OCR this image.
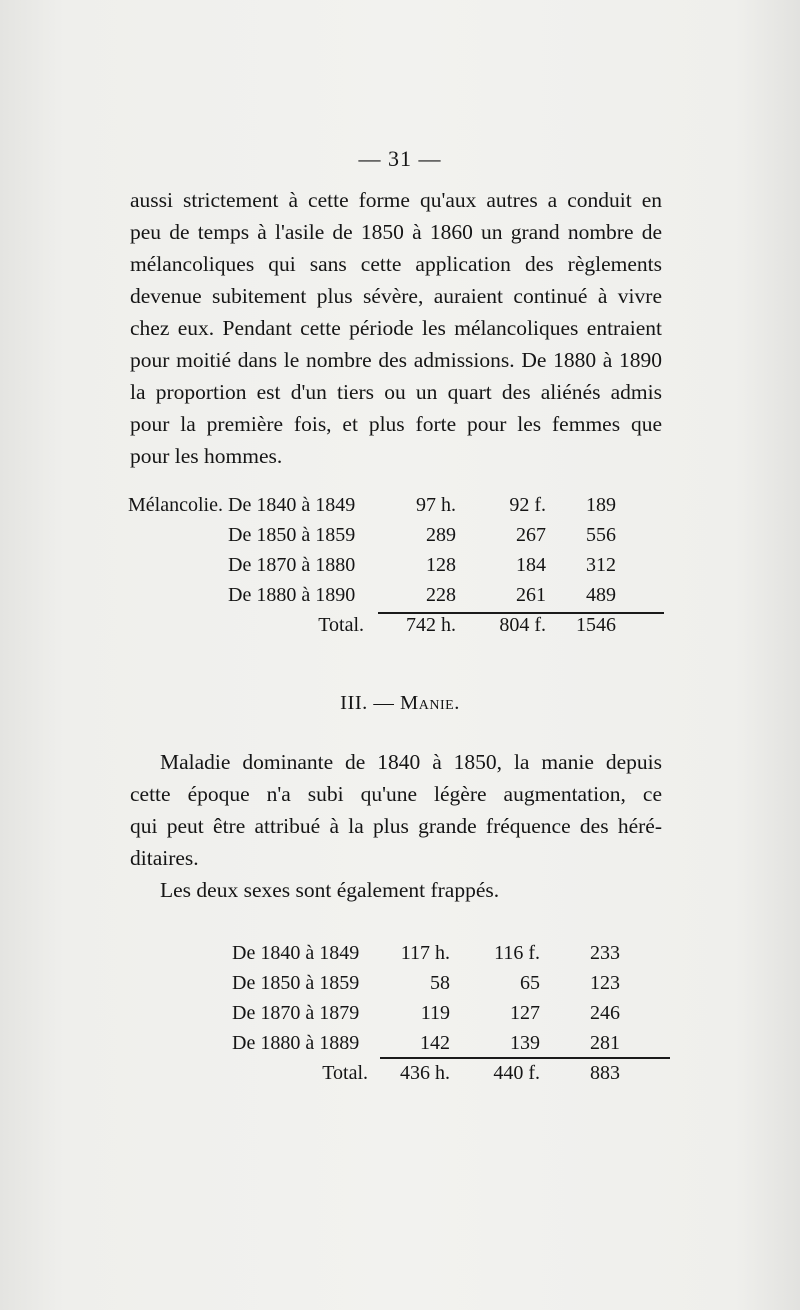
— 31 —
aussi strictement à cette forme qu'aux autres a conduit en
peu de temps à l'asile de 1850 à 1860 un grand nombre de
mélancoliques qui sans cette application des règlements
devenue subitement plus sévère, auraient continué à vivre
chez eux. Pendant cette période les mélancoliques entraient
pour moitié dans le nombre des admissions. De 1880 à 1890
la proportion est d'un tiers ou un quart des aliénés admis
pour la première fois, et plus forte pour les femmes que
pour les hommes.
Mélancolie.	De 1840 à 1849	97 h.	92 f.	189
	De 1850 à 1859	289	267	556
	De 1870 à 1880	128	184	312
	De 1880 à 1890	228	261	489
	Total.	742 h.	804 f.	1546
III. — Manie.
Maladie dominante de 1840 à 1850, la manie depuis
cette époque n'a subi qu'une légère augmentation, ce
qui peut être attribué à la plus grande fréquence des héré-
ditaires.
Les deux sexes sont également frappés.
De 1840 à 1849	117 h.	116 f.	233
De 1850 à 1859	58	65	123
De 1870 à 1879	119	127	246
De 1880 à 1889	142	139	281
Total.	436 h.	440 f.	883
